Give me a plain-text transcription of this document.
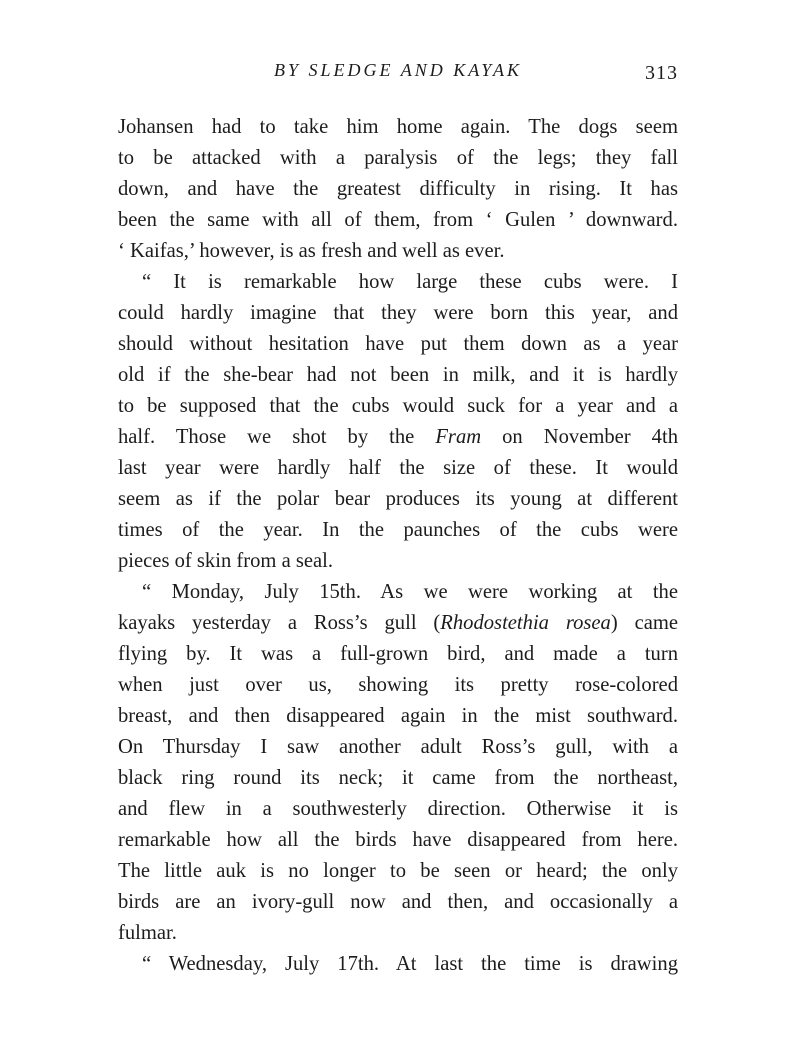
BY SLEDGE AND KAYAK	313
Johansen had to take him home again. The dogs seem
to be attacked with a paralysis of the legs; they fall
down, and have the greatest difficulty in rising. It has
been the same with all of them, from ‘ Gulen ’ downward.
‘ Kaifas,’ however, is as fresh and well as ever.
“ It is remarkable how large these cubs were. I
could hardly imagine that they were born this year, and
should without hesitation have put them down as a year
old if the she-bear had not been in milk, and it is hardly
to be supposed that the cubs would suck for a year and a
half. Those we shot by the Fram on November 4th
last year were hardly half the size of these. It would
seem as if the polar bear produces its young at different
times of the year. In the paunches of the cubs were
pieces of skin from a seal.
“ Monday, July 15th. As we were working at the
kayaks yesterday a Ross’s gull (Rhodostethia rosea) came
flying by. It was a full-grown bird, and made a turn
when just over us, showing its pretty rose-colored
breast, and then disappeared again in the mist southward.
On Thursday I saw another adult Ross’s gull, with a
black ring round its neck; it came from the northeast,
and flew in a southwesterly direction. Otherwise it is
remarkable how all the birds have disappeared from here.
The little auk is no longer to be seen or heard; the only
birds are an ivory-gull now and then, and occasionally a
fulmar.
“ Wednesday, July 17th. At last the time is drawing
